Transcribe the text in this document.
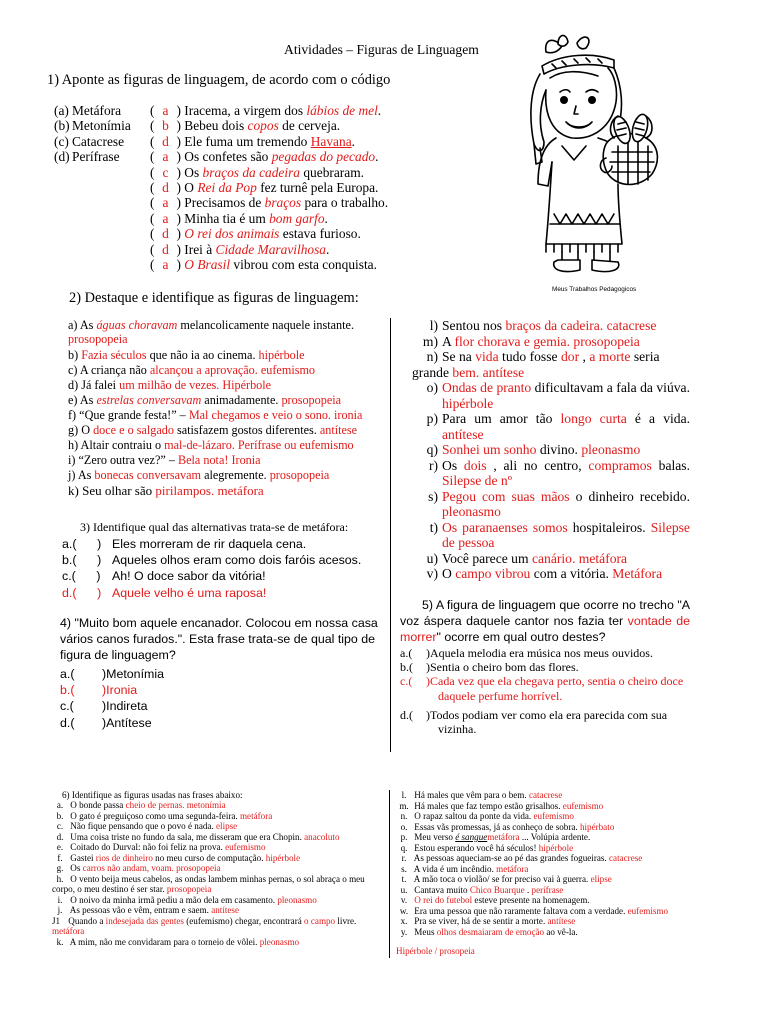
Atividades – Figuras de Linguagem
1) Aponte as figuras de linguagem, de acordo com o código
(a) Metáfora
(b) Metonímia
(c) Catacrese
(d) Perífrase
( a ) Iracema, a virgem dos lábios de mel.
( b ) Bebeu dois copos de cerveja.
( d ) Ele fuma um tremendo Havana.
( a ) Os confetes são pegadas do pecado.
( c ) Os braços da cadeira quebraram.
( d ) O Rei da Pop fez turnê pela Europa.
( a ) Precisamos de braços para o trabalho.
( a ) Minha tia é um bom garfo.
( d ) O rei dos animais estava furioso.
( d ) Irei à Cidade Maravilhosa.
( a ) O Brasil vibrou com esta conquista.
Meus Trabalhos Pedagogicos
2) Destaque e identifique as figuras de linguagem:
a) As águas choravam melancolicamente naquele instante. prosopopeia
b) Fazia séculos que não ia ao cinema. hipérbole
c) A criança não alcançou a aprovação. eufemismo
d) Já falei um milhão de vezes. Hipérbole
e) As estrelas conversavam animadamente. prosopopeia
f) “Que grande festa!” – Mal chegamos e veio o sono. ironia
g) O doce e o salgado satisfazem gostos diferentes. antítese
h) Altair contraiu o mal-de-lázaro. Perífrase ou eufemismo
i) “Zero outra vez?” – Bela nota! Ironia
j) As bonecas conversavam alegremente. prosopopeia
k) Seu olhar são pirilampos. metáfora
l) Sentou nos braços da cadeira. catacrese
m) A flor chorava e gemia. prosopopeia
n) Se na vida tudo fosse dor , a morte seria grande bem. antítese
o) Ondas de pranto dificultavam a fala da viúva. hipérbole
p) Para um amor tão longo curta é a vida. antítese
q) Sonhei um sonho divino. pleonasmo
r) Os dois , ali no centro, compramos balas. Silepse de nº
s) Pegou com suas mãos o dinheiro recebido. pleonasmo
t) Os paranaenses somos hospitaleiros. Silepse de pessoa
u) Você parece um canário. metáfora
v) O campo vibrou com a vitória. Metáfora
3) Identifique qual das alternativas trata-se de metáfora:
a.(      ) Eles morreram de rir daquela cena.
b.(      ) Aqueles olhos eram como dois faróis acesos.
c.(      ) Ah! O doce sabor da vitória!
d.(      ) Aquele velho é uma raposa!
4) "Muito bom aquele encanador. Colocou em nossa casa vários canos furados.". Esta frase trata-se de qual tipo de figura de linguagem?
a.( )Metonímia
b.( )Ironia
c.( )Indireta
d.( )Antítese
5) A figura de linguagem que ocorre no trecho "A voz áspera daquele cantor nos fazia ter vontade de morrer" ocorre em qual outro destes?
a.(	)Aquela melodia era música nos meus ouvidos.
b.(	)Sentia o cheiro bom das flores.
c.(	)Cada vez que ela chegava perto, sentia o cheiro doce daquele perfume horrível.
d.(	)Todos podiam ver como ela era parecida com sua vizinha.
6) Identifique as figuras usadas nas frases abaixo:
a. O bonde passa cheio de pernas. metonímia
b. O gato é preguiçoso como uma segunda-feira. metáfora
c. Não fique pensando que o povo é nada. elipse
d. Uma coisa triste no fundo da sala, me disseram que era Chopin. anacoluto
e. Coitado do Durval: não foi feliz na prova. eufemismo
f. Gastei rios de dinheiro no meu curso de computação. hipérbole
g. Os carros não andam, voam. prosopopeia
h. O vento beija meus cabelos, as ondas lambem minhas pernas, o sol abraça o meu corpo, o meu destino é ser star. prosopopeia
i. O noivo da minha irmã pediu a mão dela em casamento. pleonasmo
j. As pessoas vão e vêm, entram e saem. antítese
J1 Quando a indesejada das gentes (eufemismo) chegar, encontrará o campo livre. metáfora
k. A mim, não me convidaram para o torneio de vôlei. pleonasmo
l. Há males que vêm para o bem. catacrese
m. Há males que faz tempo estão grisalhos. eufemismo
n. O rapaz saltou da ponte da vida. eufemismo
o. Essas vãs promessas, já as conheço de sobra. hipérbato
p. Meu verso é sanguemetáfora ... Volúpia ardente.
q. Estou esperando você há séculos! hipérbole
r. As pessoas aqueciam-se ao pé das grandes fogueiras. catacrese
s. A vida é um incêndio. metáfora
t. A mão toca o violão/ se for preciso vai à guerra. elipse
u. Cantava muito Chico Buarque . perífrase
v. O rei do futebol esteve presente na homenagem.
w. Era uma pessoa que não raramente faltava com a verdade. eufemismo
x. Pra se viver, há de se sentir a morte. antítese
y. Meus olhos desmaiaram de emoção ao vê-la.
Hipérbole / prosopeia
